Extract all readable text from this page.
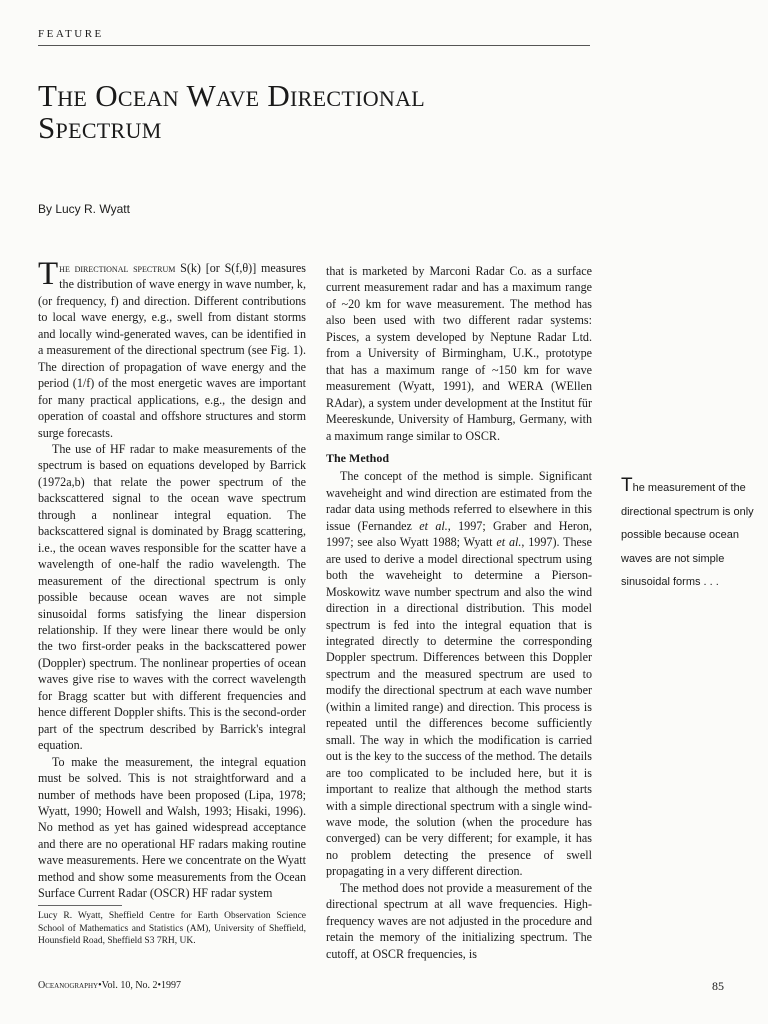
FEATURE
The Ocean Wave Directional
Spectrum
By Lucy R. Wyatt

The directional spectrum S(k) [or S(f,θ)] measures the distribution of wave energy in wave number, k, (or frequency, f) and direction. Different contributions to local wave energy, e.g., swell from distant storms and locally wind-generated waves, can be identified in a measurement of the directional spectrum (see Fig. 1). The direction of propagation of wave energy and the period (1/f) of the most energetic waves are important for many practical applications, e.g., the design and operation of coastal and offshore structures and storm surge forecasts.

The use of HF radar to make measurements of the spectrum is based on equations developed by Barrick (1972a,b) that relate the power spectrum of the backscattered signal to the ocean wave spectrum through a nonlinear integral equation. The backscattered signal is dominated by Bragg scattering, i.e., the ocean waves responsible for the scatter have a wavelength of one-half the radio wavelength. The measurement of the directional spectrum is only possible because ocean waves are not simple sinusoidal forms satisfying the linear dispersion relationship. If they were linear there would be only the two first-order peaks in the backscattered power (Doppler) spectrum. The nonlinear properties of ocean waves give rise to waves with the correct wavelength for Bragg scatter but with different frequencies and hence different Doppler shifts. This is the second-order part of the spectrum described by Barrick's integral equation.

To make the measurement, the integral equation must be solved. This is not straightforward and a number of methods have been proposed (Lipa, 1978; Wyatt, 1990; Howell and Walsh, 1993; Hisaki, 1996). No method as yet has gained widespread acceptance and there are no operational HF radars making routine wave measurements. Here we concentrate on the Wyatt method and show some measurements from the Ocean Surface Current Radar (OSCR) HF radar system

that is marketed by Marconi Radar Co. as a surface current measurement radar and has a maximum range of ~20 km for wave measurement. The method has also been used with two different radar systems: Pisces, a system developed by Neptune Radar Ltd. from a University of Birmingham, U.K., prototype that has a maximum range of ~150 km for wave measurement (Wyatt, 1991), and WERA (WEllen RAdar), a system under development at the Institut für Meereskunde, University of Hamburg, Germany, with a maximum range similar to OSCR.

The Method

The concept of the method is simple. Significant waveheight and wind direction are estimated from the radar data using methods referred to elsewhere in this issue (Fernandez et al., 1997; Graber and Heron, 1997; see also Wyatt 1988; Wyatt et al., 1997). These are used to derive a model directional spectrum using both the waveheight to determine a Pierson-Moskowitz wave number spectrum and also the wind direction in a directional distribution. This model spectrum is fed into the integral equation that is integrated directly to determine the corresponding Doppler spectrum. Differences between this Doppler spectrum and the measured spectrum are used to modify the directional spectrum at each wave number (within a limited range) and direction. This process is repeated until the differences become sufficiently small. The way in which the modification is carried out is the key to the success of the method. The details are too complicated to be included here, but it is important to realize that although the method starts with a simple directional spectrum with a single wind-wave mode, the solution (when the procedure has converged) can be very different; for example, it has no problem detecting the presence of swell propagating in a very different direction.

The method does not provide a measurement of the directional spectrum at all wave frequencies. High-frequency waves are not adjusted in the procedure and retain the memory of the initializing spectrum. The cutoff, at OSCR frequencies, is

The measurement of the directional spectrum is only possible because ocean waves are not simple sinusoidal forms . . .
Lucy R. Wyatt, Sheffield Centre for Earth Observation Science School of Mathematics and Statistics (AM), University of Sheffield, Hounsfield Road, Sheffield S3 7RH, UK.
Oceanography•Vol. 10, No. 2•1997	85
